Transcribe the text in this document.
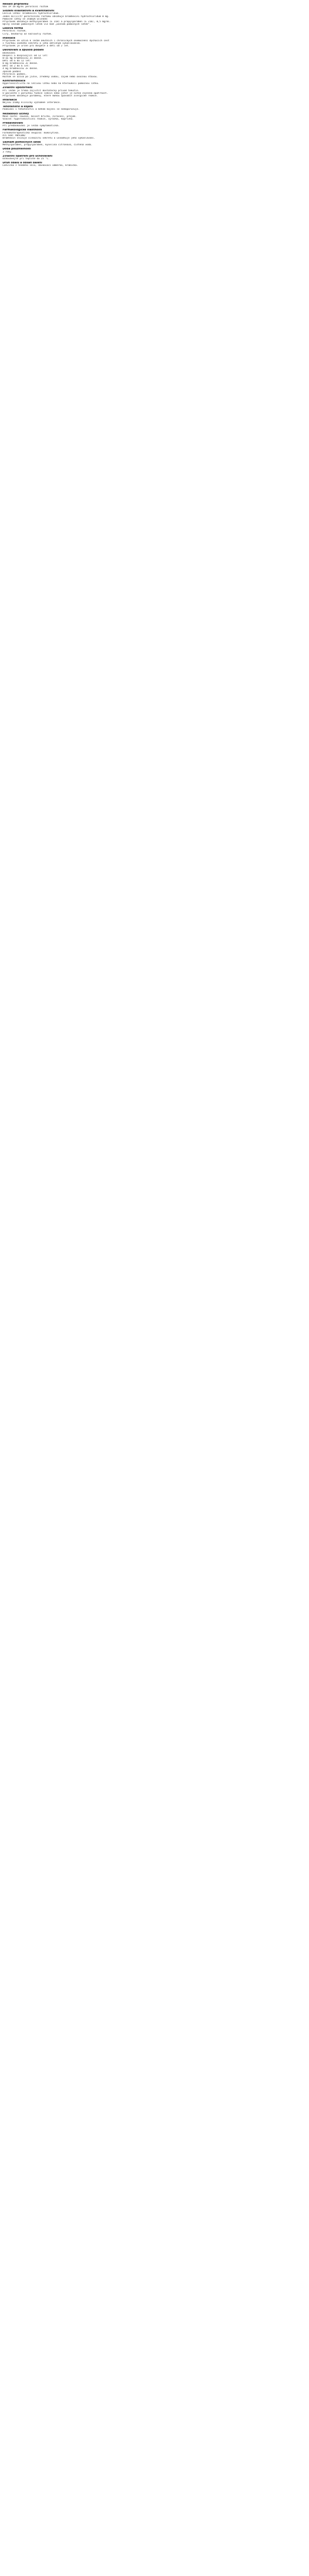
Něsalo přípravku
Vax IP 10 mg/ml perorální roztok
Složení kvalitativní a kvantitativní
Léčivá látka: bromhexini hydrochloridum.
Jeden mililitr perorálního roztoku obsahuje bromhexini hydrochloridum 8 mg.
Pomocné látky se známým účinkem:
Přípravek obsahuje methylparaben (E 218) a propylparaben (E 216), 0,5 mg/ml.
Úplný seznam pomocných látek viz bod „Seznam pomocných látek“.
Léková forma
Perorální roztok.
Čirý, bezbarvý až nažloutlý roztok.
Indikace
Přípravek se užívá k léčbě akutních i chronických onemocnění dýchacích cest
s tvorbou vazkého sekretu a jeho obtížným vykašláváním.
Přípravek je určen pro dospělé a děti od 2 let.
Dávkování a způsob podání
Dávkování
Dospělí a dospívající od 12 let:
8–16 mg bromhexinu 3× denně.
Děti od 6 do 12 let:
8 mg bromhexinu 3× denně.
Děti od 2 do 6 let:
4 mg bromhexinu 3× denně.
Způsob podání
Perorální podání.
Roztok se užívá po jídle, zředěný vodou, čajem nebo ovocnou šťávou.
Kontraindikace
Hypersenzitivita na léčivou látku nebo na kteroukoli pomocnou látku.
Zvláštní upozornění
Při léčbě je třeba zajistit dostatečný přívod tekutin.
U pacientů s poruchou funkce ledvin nebo jater je nutná zvýšená opatrnost.
Přípravek obsahuje parabeny, které mohou způsobit alergické reakce.
Interakce
Nejsou známy klinicky významné interakce.
Těhotenství a kojení
Podávání v těhotenství a během kojení se nedoporučuje.
Nežádoucí účinky
Méně časté: nauzea, bolest břicha, zvracení, průjem.
Vzácné: hypersenzitivní reakce, vyrážka, kopřivka.
Předávkování
Při předávkování je léčba symptomatická.
Farmakologické vlastnosti
Farmakoterapeutická skupina: mukolytika.
ATC kód: R05CB02
Bromhexin snižuje viskozitu sekretu a usnadňuje jeho vykašlávání.
Seznam pomocných látek
Methylparaben, propylparaben, kyselina citronová, čištěná voda.
Doba použitelnosti
3 roky.
Zvláštní opatření pro uchovávání
Uchovávejte při teplotě do 25 °C.
Druh obalu a obsah balení
Lahvička z hnědého skla, dávkovací odměrka, krabička.
